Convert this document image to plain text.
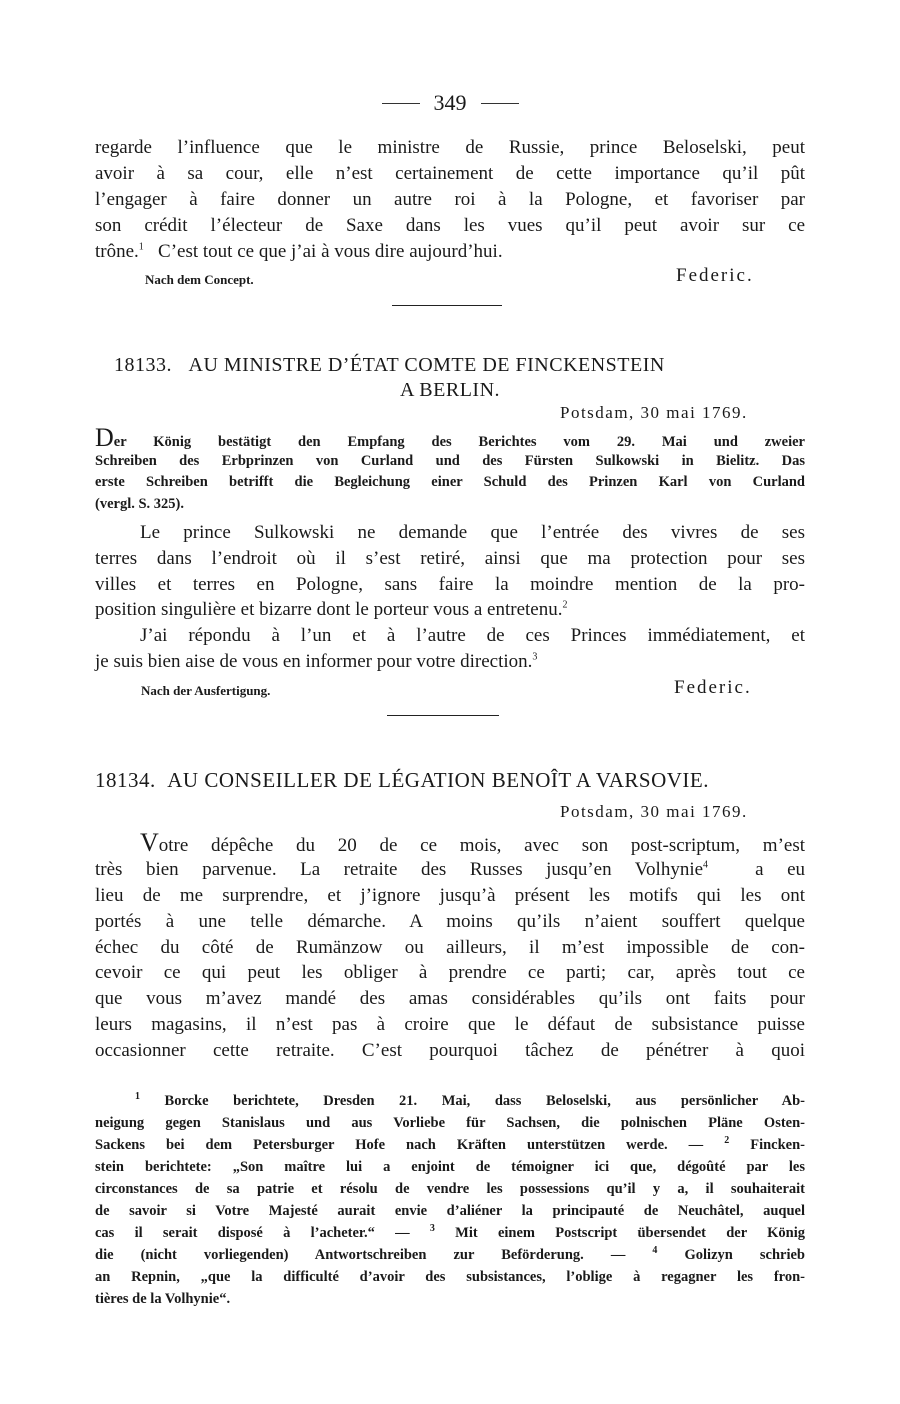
349
regarde l’influence que le ministre de Russie, prince Beloselski, peut
avoir à sa cour, elle n’est certainement de cette importance qu’il pût
l’engager à faire donner un autre roi à la Pologne, et favoriser par
son crédit l’électeur de Saxe dans les vues qu’il peut avoir sur ce
trône.$^1$ C’est tout ce que j’ai à vous dire aujourd’hui.
Nach dem Concept.	Federic.
18133. AU MINISTRE D’ÉTAT COMTE DE FINCKENSTEIN
A BERLIN.
Potsdam, 30 mai 1769.
Der König bestätigt den Empfang des Berichtes vom 29. Mai und zweier
Schreiben des Erbprinzen von Curland und des Fürsten Sulkowski in Bielitz. Das
erste Schreiben betrifft die Begleichung einer Schuld des Prinzen Karl von Curland
(vergl. S. 325).
Le prince Sulkowski ne demande que l’entrée des vivres de ses
terres dans l’endroit où il s’est retiré, ainsi que ma protection pour ses
villes et terres en Pologne, sans faire la moindre mention de la pro-
position singulière et bizarre dont le porteur vous a entretenu.$^2$
J’ai répondu à l’un et à l’autre de ces Princes immédiatement, et
je suis bien aise de vous en informer pour votre direction.$^3$
Nach der Ausfertigung.	Federic.
18134. AU CONSEILLER DE LÉGATION BENOÎT A VARSOVIE.
Potsdam, 30 mai 1769.
Votre dépêche du 20 de ce mois, avec son post-scriptum, m’est
très bien parvenue. La retraite des Russes jusqu’en Volhynie$^4$ a eu
lieu de me surprendre, et j’ignore jusqu’à présent les motifs qui les ont
portés à une telle démarche. A moins qu’ils n’aient souffert quelque
échec du côté de Rumänzow ou ailleurs, il m’est impossible de con-
cevoir ce qui peut les obliger à prendre ce parti; car, après tout ce
que vous m’avez mandé des amas considérables qu’ils ont faits pour
leurs magasins, il n’est pas à croire que le défaut de subsistance puisse
occasionner cette retraite. C’est pourquoi tâchez de pénétrer à quoi
$^1$ Borcke berichtete, Dresden 21. Mai, dass Beloselski, aus persönlicher Ab-
neigung gegen Stanislaus und aus Vorliebe für Sachsen, die polnischen Pläne Osten-
Sackens bei dem Petersburger Hofe nach Kräften unterstützen werde. — $^2$ Fincken-
stein berichtete: „Son maître lui a enjoint de témoigner ici que, dégoûté par les
circonstances de sa patrie et résolu de vendre les possessions qu’il y a, il souhaiterait
de savoir si Votre Majesté aurait envie d’aliéner la principauté de Neuchâtel, auquel
cas il serait disposé à l’acheter.“ — $^3$ Mit einem Postscript übersendet der König
die (nicht vorliegenden) Antwortschreiben zur Beförderung. —	$^4$ Golizyn schrieb
an Repnin, „que la difficulté d’avoir des subsistances, l’oblige à regagner les fron-
tières de la Volhynie“.
